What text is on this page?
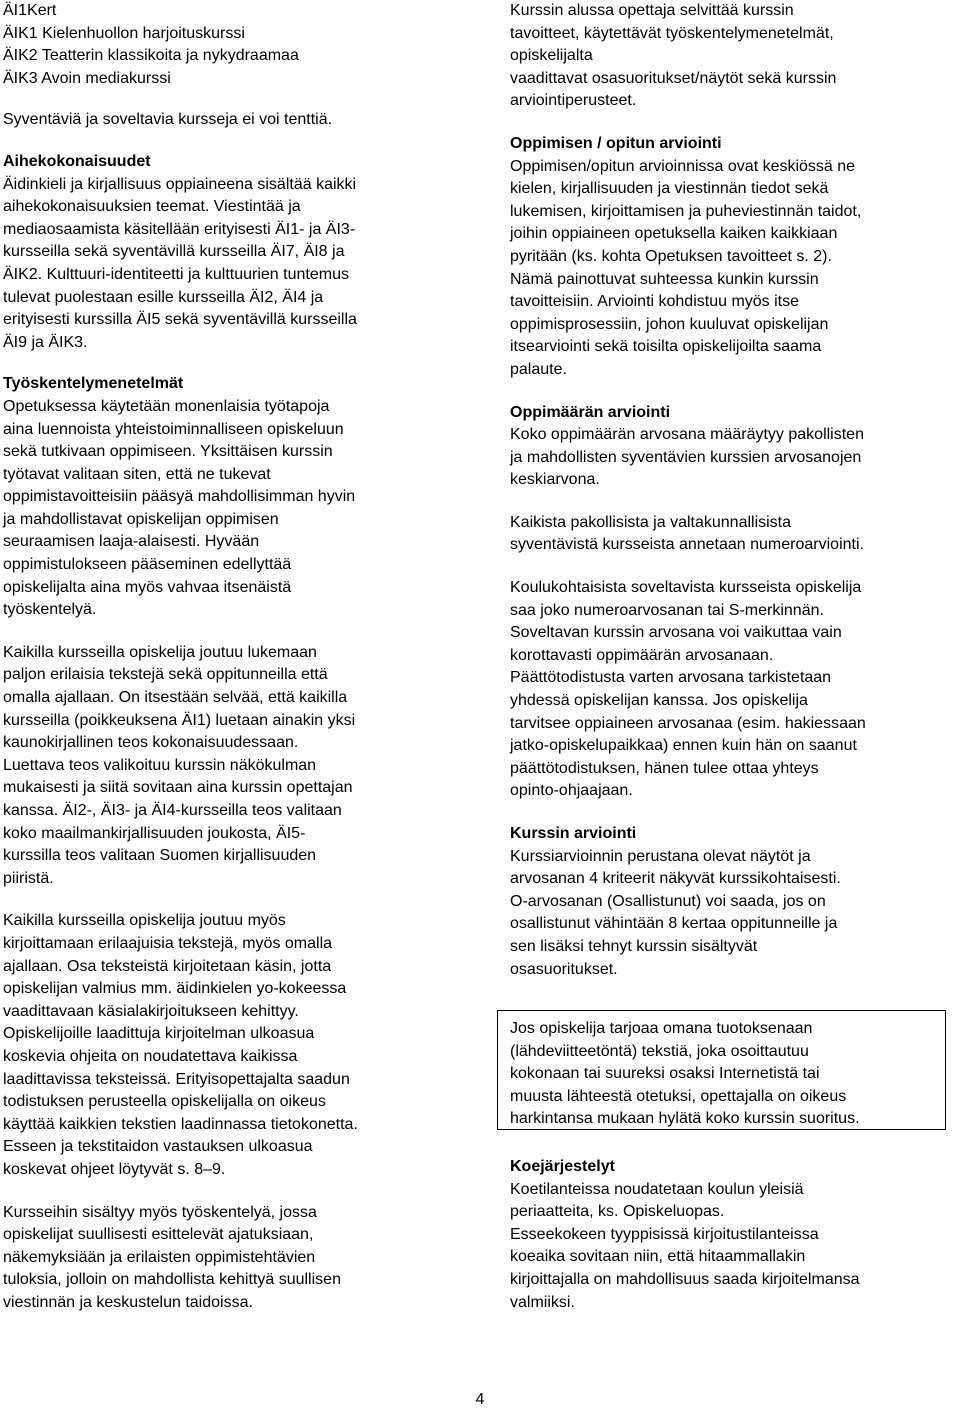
ÄI1Kert

ÄIK1 Kielenhuollon harjoituskurssi

ÄIK2 Teatterin klassikoita ja nykydraamaa

ÄIK3 Avoin mediakurssi

Syventäviä ja soveltavia kursseja ei voi tenttiä.

Aihekokonaisuudet

Äidinkieli ja kirjallisuus oppiaineena sisältää kaikki

aihekokonaisuuksien teemat. Viestintää ja

mediaosaamista käsitellään erityisesti ÄI1- ja ÄI3-

kursseilla sekä syventävillä kursseilla ÄI7, ÄI8 ja

ÄIK2. Kulttuuri-identiteetti ja kulttuurien tuntemus

tulevat puolestaan esille kursseilla ÄI2, ÄI4 ja

erityisesti kurssilla ÄI5 sekä syventävillä kursseilla

ÄI9 ja ÄIK3.

Työskentelymenetelmät

Opetuksessa käytetään monenlaisia työtapoja

aina luennoista yhteistoiminnalliseen opiskeluun

sekä tutkivaan oppimiseen. Yksittäisen kurssin

työtavat valitaan siten, että ne tukevat

oppimistavoitteisiin pääsyä mahdollisimman hyvin

ja mahdollistavat opiskelijan oppimisen

seuraamisen laaja-alaisesti. Hyvään

oppimistulokseen pääseminen edellyttää

opiskelijalta aina myös vahvaa itsenäistä

työskentelyä.

Kaikilla kursseilla opiskelija joutuu lukemaan

paljon erilaisia tekstejä sekä oppitunneilla että

omalla ajallaan. On itsestään selvää, että kaikilla

kursseilla (poikkeuksena ÄI1) luetaan ainakin yksi

kaunokirjallinen teos kokonaisuudessaan.

Luettava teos valikoituu kurssin näkökulman

mukaisesti ja siitä sovitaan aina kurssin opettajan

kanssa. ÄI2-, ÄI3- ja ÄI4-kursseilla teos valitaan

koko maailmankirjallisuuden joukosta, ÄI5-

kurssilla teos valitaan Suomen kirjallisuuden

piiristä.

Kaikilla kursseilla opiskelija joutuu myös

kirjoittamaan erilaajuisia tekstejä, myös omalla

ajallaan. Osa teksteistä kirjoitetaan käsin, jotta

opiskelijan valmius mm. äidinkielen yo-kokeessa

vaadittavaan käsialakirjoitukseen kehittyy.

Opiskelijoille laadittuja kirjoitelman ulkoasua

koskevia ohjeita on noudatettava kaikissa

laadittavissa teksteissä. Erityisopettajalta saadun

todistuksen perusteella opiskelijalla on oikeus

käyttää kaikkien tekstien laadinnassa tietokonetta.

Esseen ja tekstitaidon vastauksen ulkoasua

koskevat ohjeet löytyvät s. 8–9.

Kursseihin sisältyy myös työskentelyä, jossa

opiskelijat suullisesti esittelevät ajatuksiaan,

näkemyksiään ja erilaisten oppimistehtävien

tuloksia, jolloin on mahdollista kehittyä suullisen

viestinnän ja keskustelun taidoissa.

Kurssin alussa opettaja selvittää kurssin

tavoitteet, käytettävät työskentelymenetelmät,

opiskelijalta

vaadittavat osasuoritukset/näytöt sekä kurssin

arviointiperusteet.

Oppimisen / opitun arviointi

Oppimisen/opitun arvioinnissa ovat keskiössä ne

kielen, kirjallisuuden ja viestinnän tiedot sekä

lukemisen, kirjoittamisen ja puheviestinnän taidot,

joihin oppiaineen opetuksella kaiken kaikkiaan

pyritään (ks. kohta Opetuksen tavoitteet s. 2).

Nämä painottuvat suhteessa kunkin kurssin

tavoitteisiin. Arviointi kohdistuu myös itse

oppimisprosessiin, johon kuuluvat opiskelijan

itsearviointi sekä toisilta opiskelijoilta saama

palaute.

Oppimäärän arviointi

Koko oppimäärän arvosana määräytyy pakollisten

ja mahdollisten syventävien kurssien arvosanojen

keskiarvona.

Kaikista pakollisista ja valtakunnallisista

syventävistä kursseista annetaan numeroarviointi.

Koulukohtaisista soveltavista kursseista opiskelija

saa joko numeroarvosanan tai S-merkinnän.

Soveltavan kurssin arvosana voi vaikuttaa vain

korottavasti oppimäärän arvosanaan.

Päättötodistusta varten arvosana tarkistetaan

yhdessä opiskelijan kanssa. Jos opiskelija

tarvitsee oppiaineen arvosanaa (esim. hakiessaan

jatko-opiskelupaikkaa) ennen kuin hän on saanut

päättötodistuksen, hänen tulee ottaa yhteys

opinto-ohjaajaan.

Kurssin arviointi

Kurssiarvioinnin perustana olevat näytöt ja

arvosanan 4 kriteerit näkyvät kurssikohtaisesti.

O-arvosanan (Osallistunut) voi saada, jos on

osallistunut vähintään 8 kertaa oppitunneille ja

sen lisäksi tehnyt kurssin sisältyvät

osasuoritukset.

Jos opiskelija tarjoaa omana tuotoksenaan

(lähdeviitteetöntä) tekstiä, joka osoittautuu

kokonaan tai suureksi osaksi Internetistä tai

muusta lähteestä otetuksi, opettajalla on oikeus

harkintansa mukaan hylätä koko kurssin suoritus.

Koejärjestelyt

Koetilanteissa noudatetaan koulun yleisiä

periaatteita, ks. Opiskeluopas.

Esseekokeen tyyppisissä kirjoitustilanteissa

koeaika sovitaan niin, että hitaammallakin

kirjoittajalla on mahdollisuus saada kirjoitelmansa

valmiiksi.

4
